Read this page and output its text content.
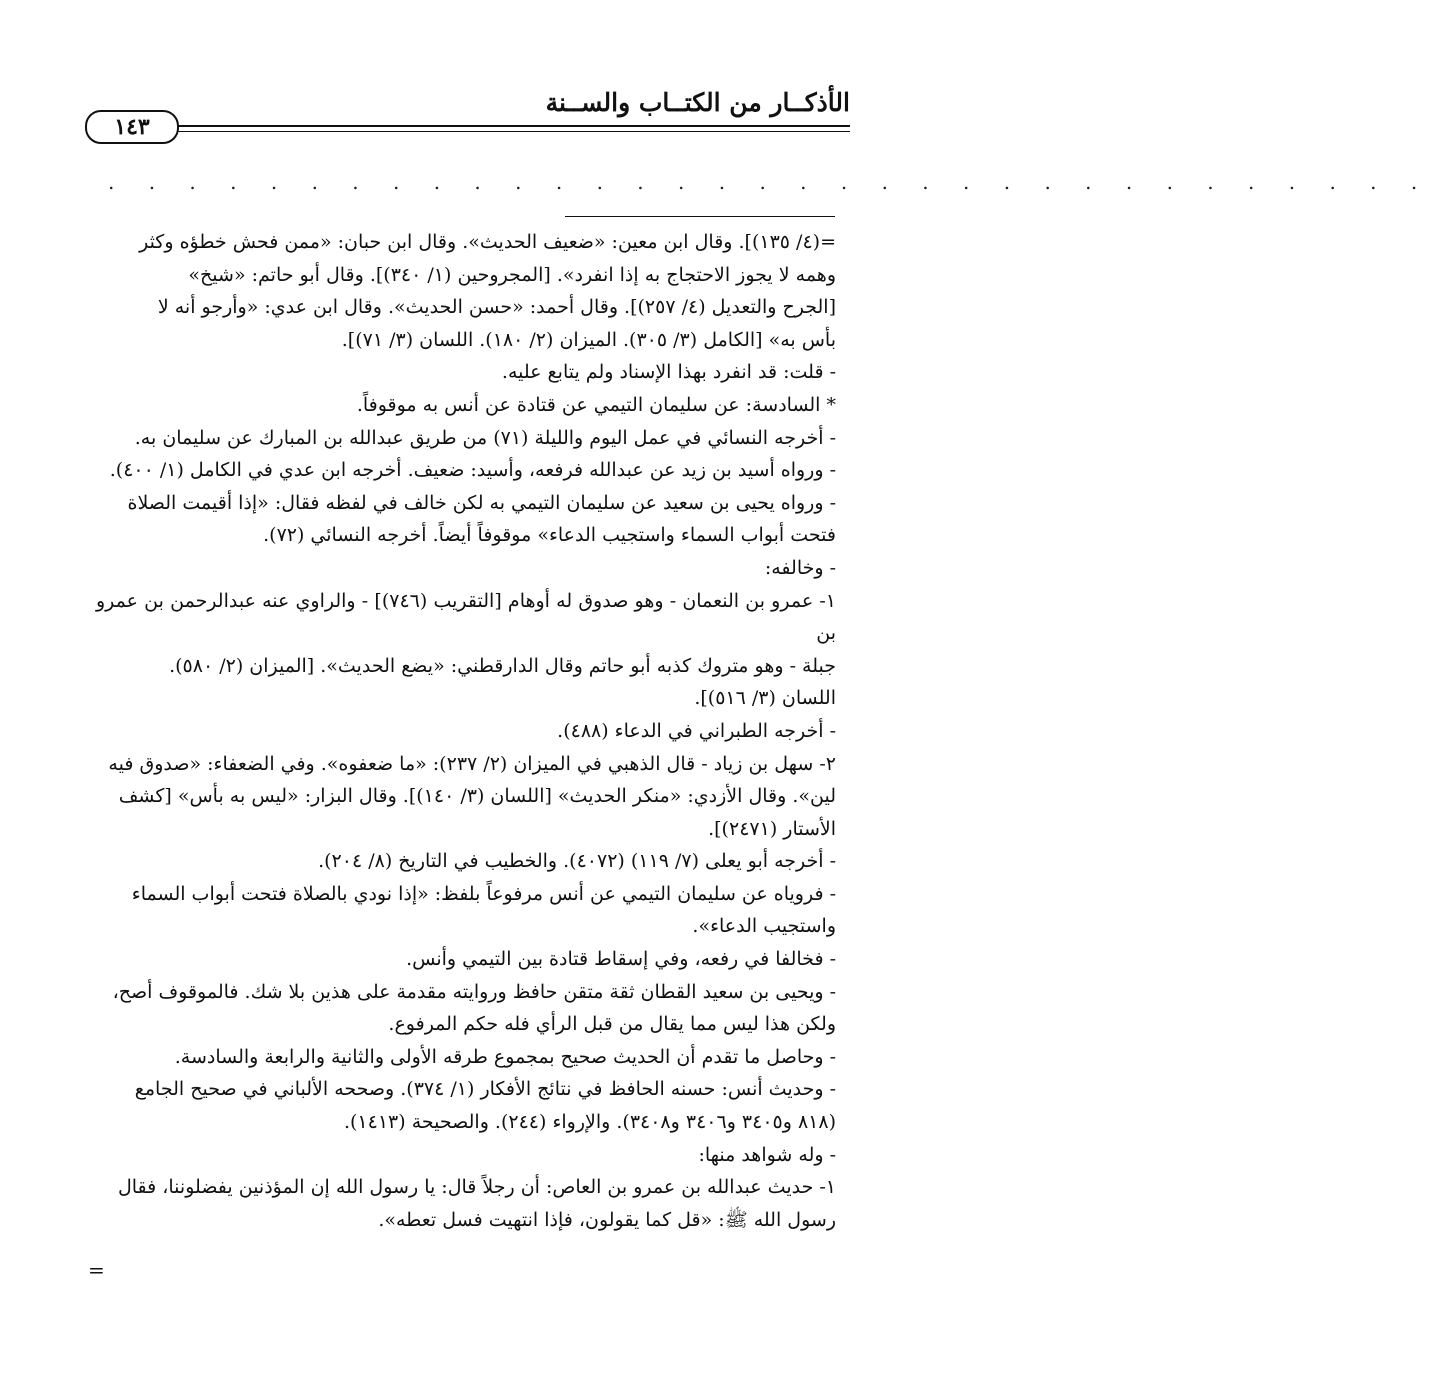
الأذكــار من الكتــاب والســنة
١٤٣
. . . . . . . . . . . . . . . . . . . . . . . . . . . . . . . . .

=(٤/ ١٣٥)]. وقال ابن معين: «ضعيف الحديث». وقال ابن حبان: «ممن فحش خطؤه وكثر

وهمه لا يجوز الاحتجاج به إذا انفرد». [المجروحين (١/ ٣٤٠)]. وقال أبو حاتم: «شيخ»

[الجرح والتعديل (٤/ ٢٥٧)]. وقال أحمد: «حسن الحديث». وقال ابن عدي: «وأرجو أنه لا

بأس به» [الكامل (٣/ ٣٠٥). الميزان (٢/ ١٨٠). اللسان (٣/ ٧١)].

- قلت: قد انفرد بهذا الإسناد ولم يتابع عليه.

* السادسة: عن سليمان التيمي عن قتادة عن أنس به موقوفاً.

- أخرجه النسائي في عمل اليوم والليلة (٧١) من طريق عبدالله بن المبارك عن سليمان به.

- ورواه أسيد بن زيد عن عبدالله فرفعه، وأسيد: ضعيف. أخرجه ابن عدي في الكامل (١/ ٤٠٠).

- ورواه يحيى بن سعيد عن سليمان التيمي به لكن خالف في لفظه فقال: «إذا أقيمت الصلاة

فتحت أبواب السماء واستجيب الدعاء» موقوفاً أيضاً. أخرجه النسائي (٧٢).

- وخالفه:

١- عمرو بن النعمان - وهو صدوق له أوهام [التقريب (٧٤٦)] - والراوي عنه عبدالرحمن بن عمرو بن

جبلة - وهو متروك كذبه أبو حاتم وقال الدارقطني: «يضع الحديث». [الميزان (٢/ ٥٨٠).

اللسان (٣/ ٥١٦)].

- أخرجه الطبراني في الدعاء (٤٨٨).

٢- سهل بن زياد - قال الذهبي في الميزان (٢/ ٢٣٧): «ما ضعفوه». وفي الضعفاء: «صدوق فيه

لين». وقال الأزدي: «منكر الحديث» [اللسان (٣/ ١٤٠)]. وقال البزار: «ليس به بأس» [كشف

الأستار (٢٤٧١)].

- أخرجه أبو يعلى (٧/ ١١٩) (٤٠٧٢). والخطيب في التاريخ (٨/ ٢٠٤).

- فروياه عن سليمان التيمي عن أنس مرفوعاً بلفظ: «إذا نودي بالصلاة فتحت أبواب السماء

واستجيب الدعاء».

- فخالفا في رفعه، وفي إسقاط قتادة بين التيمي وأنس.

- ويحيى بن سعيد القطان ثقة متقن حافظ وروايته مقدمة على هذين بلا شك. فالموقوف أصح،

ولكن هذا ليس مما يقال من قبل الرأي فله حكم المرفوع.

- وحاصل ما تقدم أن الحديث صحيح بمجموع طرقه الأولى والثانية والرابعة والسادسة.

- وحديث أنس: حسنه الحافظ في نتائج الأفكار (١/ ٣٧٤). وصححه الألباني في صحيح الجامع

(٨١٨ و٣٤٠٥ و٣٤٠٦ و٣٤٠٨). والإرواء (٢٤٤). والصحيحة (١٤١٣).

- وله شواهد منها:

١- حديث عبدالله بن عمرو بن العاص: أن رجلاً قال: يا رسول الله إن المؤذنين يفضلوننا، فقال

رسول الله ﷺ: «قل كما يقولون، فإذا انتهيت فسل تعطه».

=
